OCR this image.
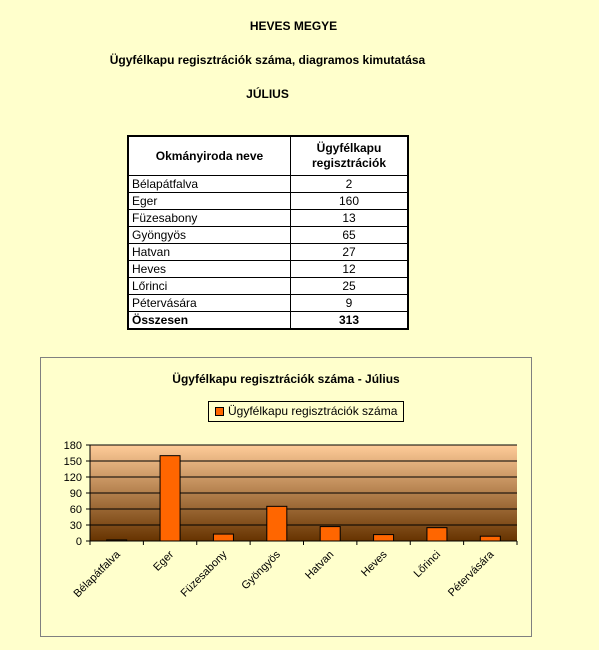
HEVES MEGYE
Ügyfélkapu regisztrációk száma, diagramos kimutatása
JÚLIUS
Okmányiroda neve	Ügyfélkapu
regisztrációk
Bélapátfalva	2
Eger	160
Füzesabony	13
Gyöngyös	65
Hatvan	27
Heves	12
Lőrinci	25
Pétervására	9
Összesen	313
Ügyfélkapu regisztrációk száma - Július
Ügyfélkapu regisztrációk száma
0
30
60
90
120
150
180
Bélapátfalva	Eger Füzesabony Gyöngyös Hatvan Heves Lőrinci Pétervására
